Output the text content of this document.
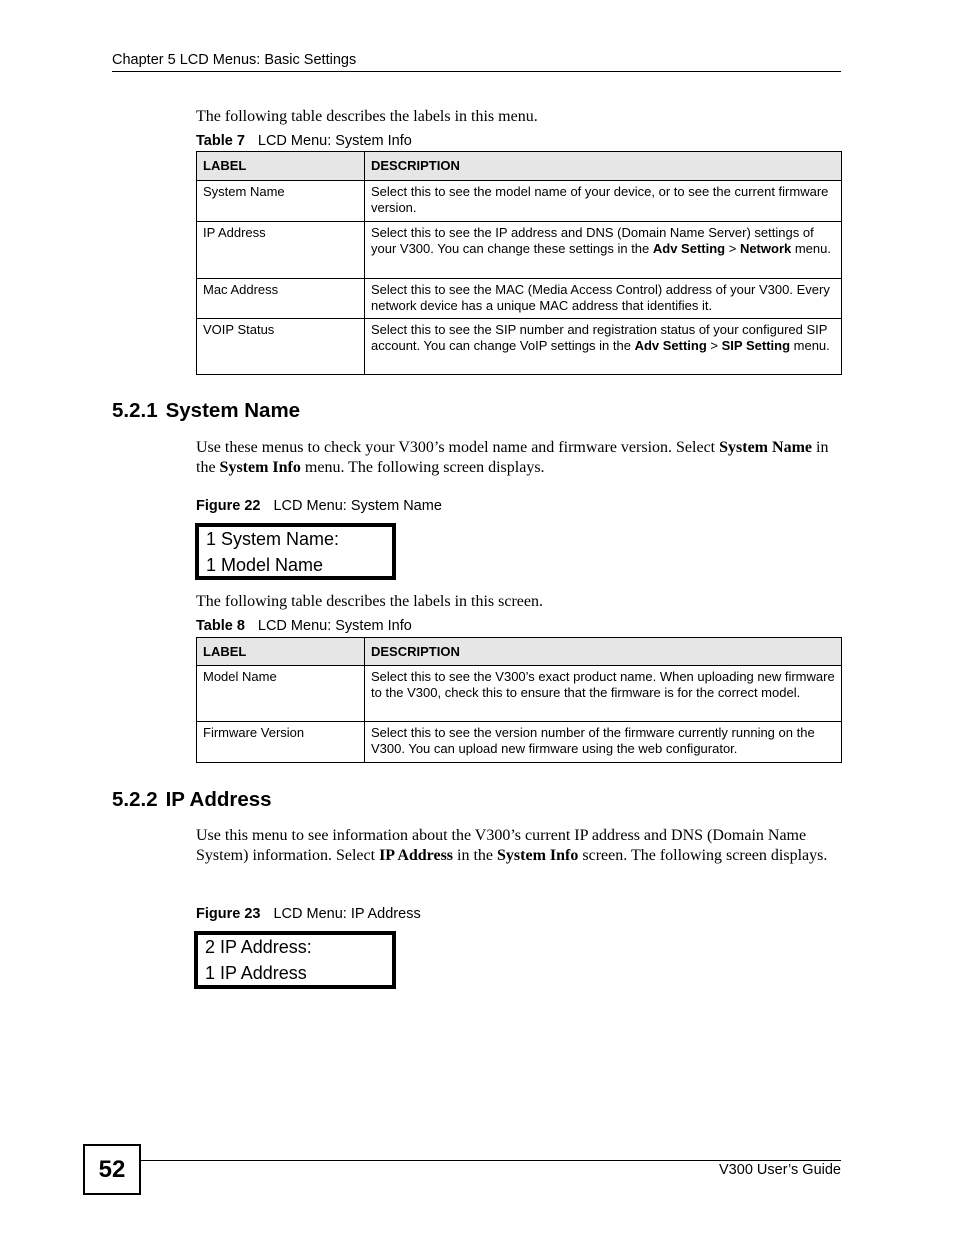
Chapter 5 LCD Menus: Basic Settings
The following table describes the labels in this menu.
Table 7 LCD Menu: System Info
LABEL	DESCRIPTION
System Name	Select this to see the model name of your device, or to see the current firmware version.
IP Address	Select this to see the IP address and DNS (Domain Name Server) settings of your V300. You can change these settings in the Adv Setting > Network menu.
Mac Address	Select this to see the MAC (Media Access Control) address of your V300. Every network device has a unique MAC address that identifies it.
VOIP Status	Select this to see the SIP number and registration status of your configured SIP account. You can change VoIP settings in the Adv Setting > SIP Setting menu.
5.2.1 System Name
Use these menus to check your V300’s model name and firmware version. Select System Name in the System Info menu. The following screen displays.
Figure 22 LCD Menu: System Name
1 System Name:
1 Model Name
The following table describes the labels in this screen.
Table 8 LCD Menu: System Info
LABEL	DESCRIPTION
Model Name	Select this to see the V300’s exact product name. When uploading new firmware to the V300, check this to ensure that the firmware is for the correct model.
Firmware Version	Select this to see the version number of the firmware currently running on the V300. You can upload new firmware using the web configurator.
5.2.2 IP Address
Use this menu to see information about the V300’s current IP address and DNS (Domain Name System) information. Select IP Address in the System Info screen. The following screen displays.
Figure 23 LCD Menu: IP Address
2 IP Address:
1 IP Address
52	V300 User’s Guide
